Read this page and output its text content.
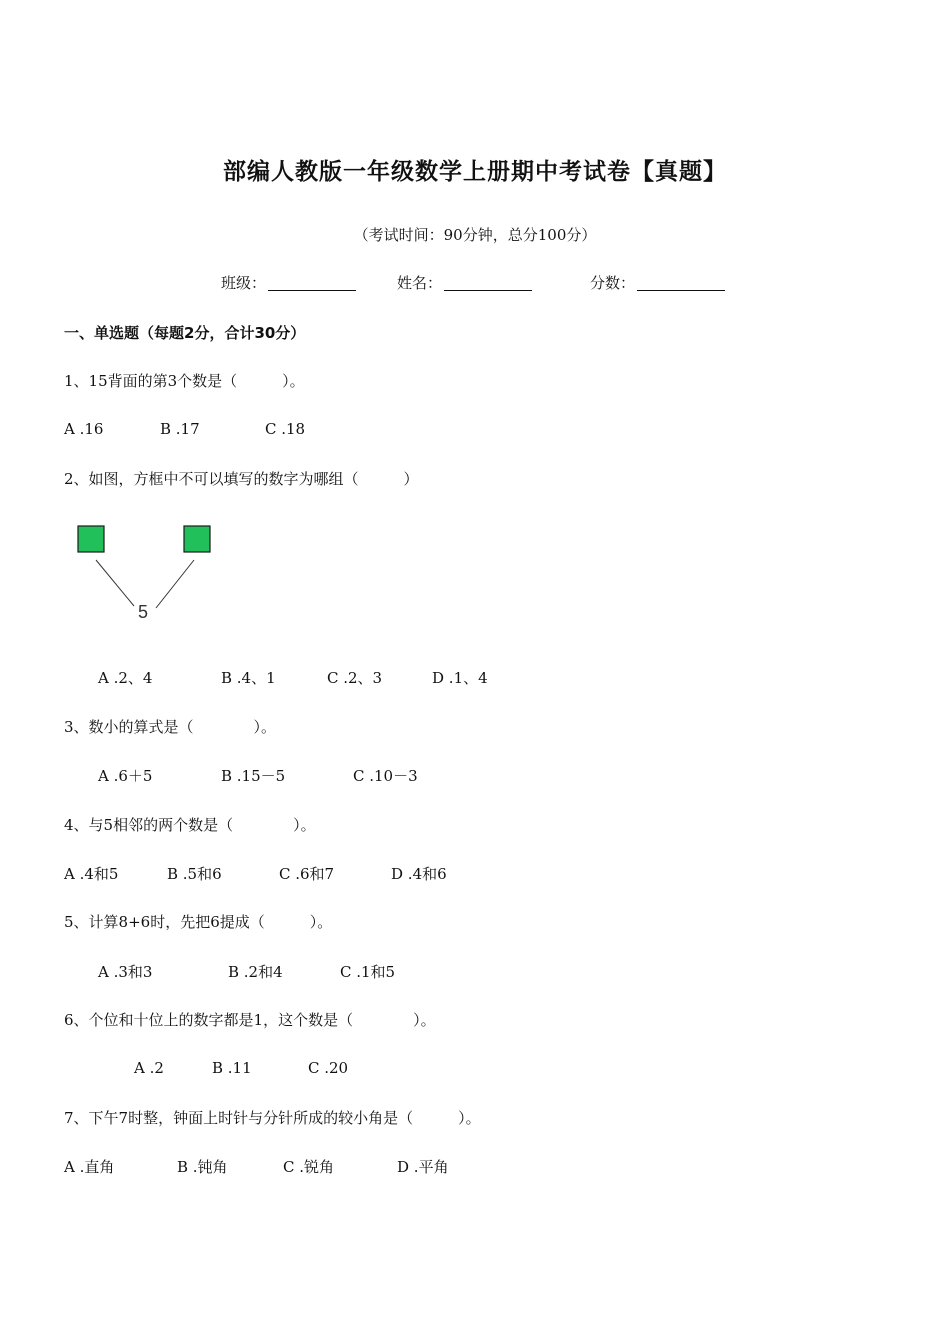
部编人教版一年级数学上册期中考试卷【真题】
（考试时间：90分钟，总分100分）
班级：	姓名：	分数：
一、单选题（每题2分，合计30分）
1、15背面的第3个数是（　　　）。
A .16	B .17	C .18
2、如图，方框中不可以填写的数字为哪组（　　　）
5
A .2、4	B .4、1	C .2、3	D .1、4
3、数小的算式是（　　　　）。
A .6＋5	B .15－5	C .10－3
4、与5相邻的两个数是（　　　　）。
A .4和5	B .5和6	C .6和7	D .4和6
5、计算8+6时，先把6提成（　　　）。
A .3和3	B .2和4	C .1和5
6、个位和十位上的数字都是1，这个数是（　　　　）。
A .2	B .11	C .20
7、下午7时整，钟面上时针与分针所成的较小角是（　　　）。
A .直角	B .钝角	C .锐角	D .平角
